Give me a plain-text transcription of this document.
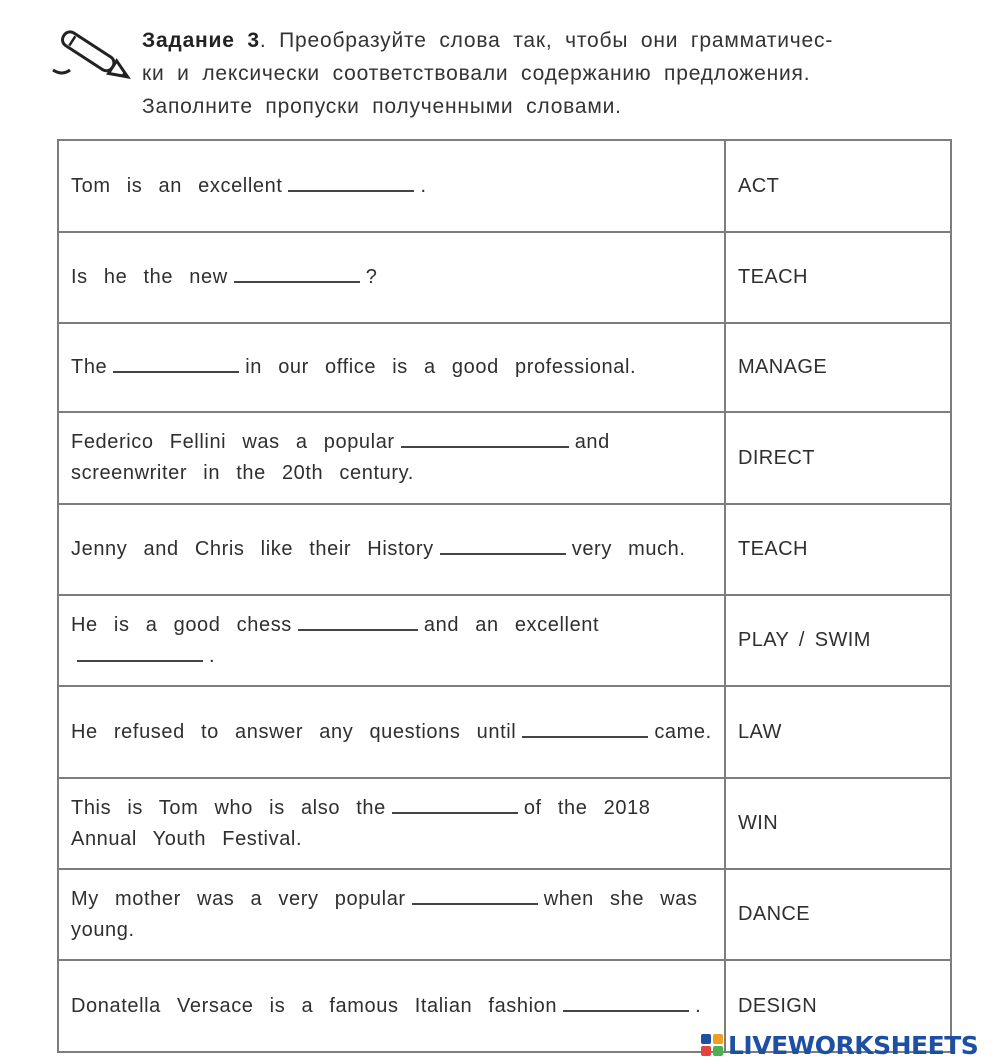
Задание 3. Преобразуйте слова так, чтобы они грамматичес-
ки и лексически соответствовали содержанию предложения.
Заполните пропуски полученными словами.
Tom is an excellent .	ACT
Is he the new ?	TEACH
The in our office is a good professional.	MANAGE
Federico Fellini was a popular and screenwriter in the 20th century.	DIRECT
Jenny and Chris like their History very much.	TEACH
He is a good chess and an excellent.	PLAY / SWIM
He refused to answer any questions until came.	LAW
This is Tom who is also the of the 2018 Annual Youth Festival.	WIN
My mother was a very popular when she was young.	DANCE
Donatella Versace is a famous Italian fashion .	DESIGN
LIVEWORKSHEETS
